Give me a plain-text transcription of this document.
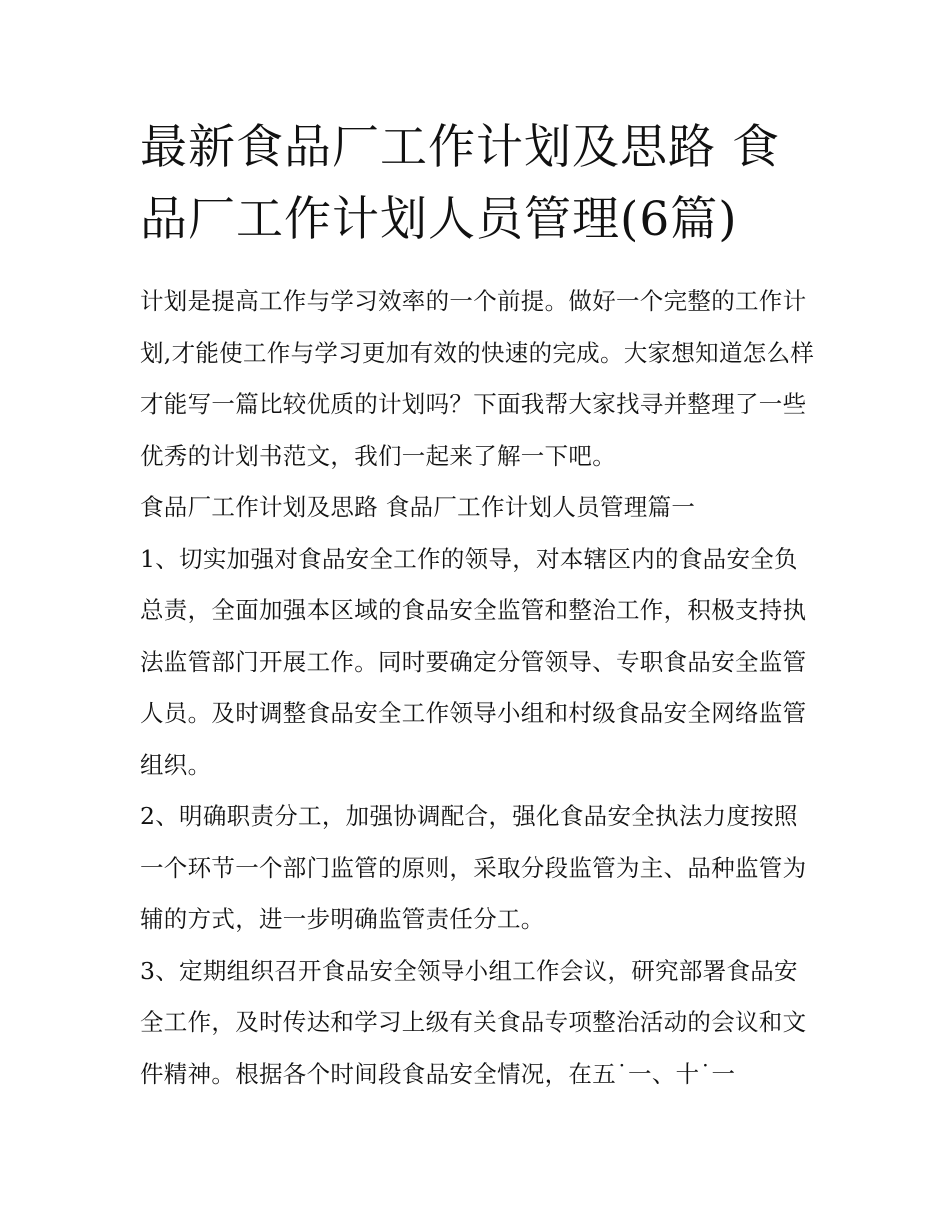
最新食品厂工作计划及思路 食品厂工作计划人员管理(6篇)

计划是提高工作与学习效率的一个前提。做好一个完整的工作计划,才能使工作与学习更加有效的快速的完成。大家想知道怎么样才能写一篇比较优质的计划吗？下面我帮大家找寻并整理了一些优秀的计划书范文，我们一起来了解一下吧。

食品厂工作计划及思路 食品厂工作计划人员管理篇一

1、切实加强对食品安全工作的领导，对本辖区内的食品安全负总责，全面加强本区域的食品安全监管和整治工作，积极支持执法监管部门开展工作。同时要确定分管领导、专职食品安全监管人员。及时调整食品安全工作领导小组和村级食品安全网络监管组织。

2、明确职责分工，加强协调配合，强化食品安全执法力度按照一个环节一个部门监管的原则，采取分段监管为主、品种监管为辅的方式，进一步明确监管责任分工。

3、定期组织召开食品安全领导小组工作会议，研究部署食品安全工作，及时传达和学习上级有关食品专项整治活动的会议和文件精神。根据各个时间段食品安全情况，在五˙一、十˙一
